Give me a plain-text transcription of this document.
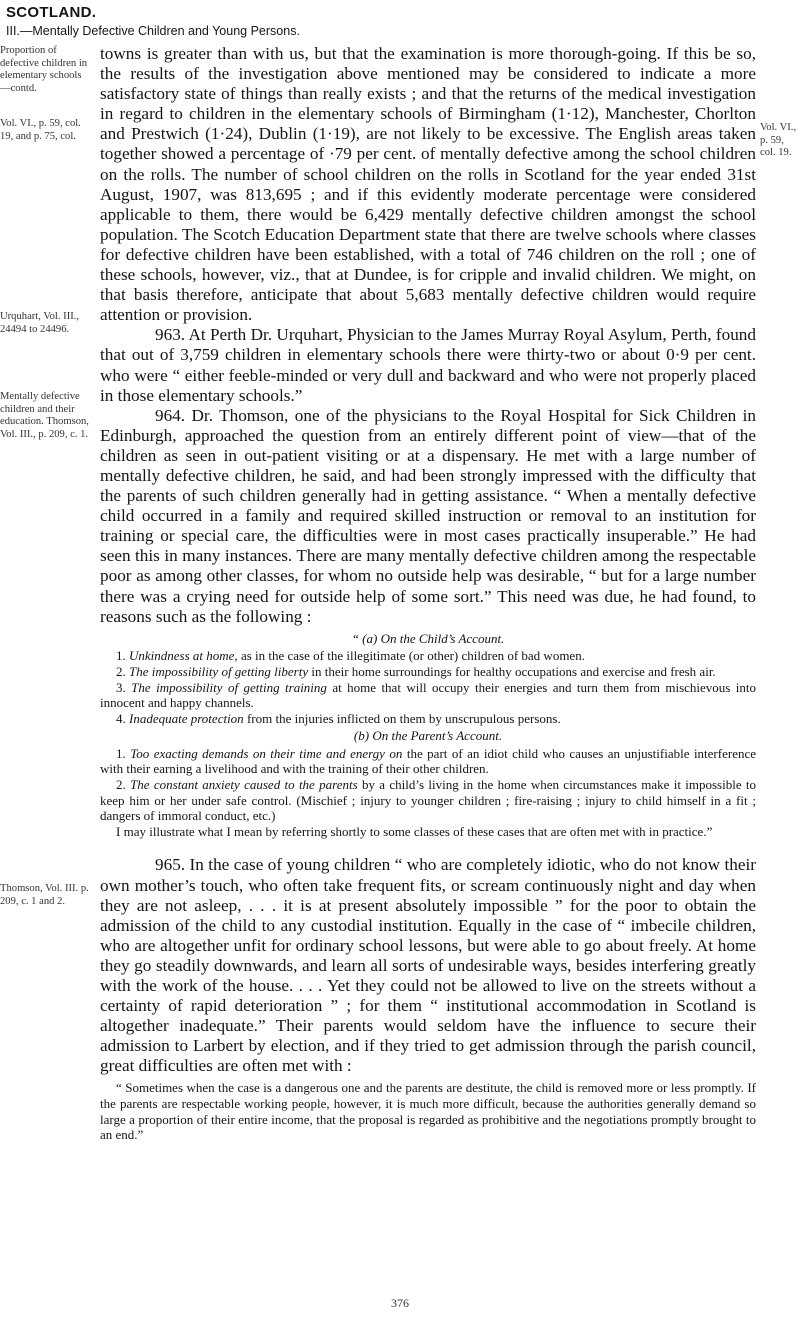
SCOTLAND.
III.—Mentally Defective Children and Young Persons.
Proportion of defective children in elementary schools—contd.
Vol. VI., p. 59, col. 19, and p. 75, col.
Urquhart, Vol. III., 24494 to 24496.
Mentally defective children and their education. Thomson, Vol. III., p. 209, c. 1.
Thomson, Vol. III. p. 209, c. 1 and 2.
Vol. VI., p. 59, col. 19.

towns is greater than with us, but that the examination is more thorough-going. If this be so, the results of the investigation above mentioned may be considered to indicate a more satisfactory state of things than really exists ; and that the returns of the medical investigation in regard to children in the elementary schools of Birmingham (1·12), Manchester, Chorlton and Prestwich (1·24), Dublin (1·19), are not likely to be excessive. The English areas taken together showed a percentage of ·79 per cent. of mentally defective among the school children on the rolls. The number of school children on the rolls in Scotland for the year ended 31st August, 1907, was 813,695 ; and if this evidently moderate percentage were considered applicable to them, there would be 6,429 mentally defective children amongst the school population. The Scotch Education Department state that there are twelve schools where classes for defective children have been established, with a total of 746 children on the roll ; one of these schools, however, viz., that at Dundee, is for cripple and invalid children. We might, on that basis therefore, anticipate that about 5,683 mentally defective children would require attention or provision.

963. At Perth Dr. Urquhart, Physician to the James Murray Royal Asylum, Perth, found that out of 3,759 children in elementary schools there were thirty-two or about 0·9 per cent. who were “ either feeble-minded or very dull and backward and who were not properly placed in those elementary schools.”

964. Dr. Thomson, one of the physicians to the Royal Hospital for Sick Children in Edinburgh, approached the question from an entirely different point of view—that of the children as seen in out-patient visiting or at a dispensary. He met with a large number of mentally defective children, he said, and had been strongly impressed with the difficulty that the parents of such children generally had in getting assistance. “ When a mentally defective child occurred in a family and required skilled instruction or removal to an institution for training or special care, the difficulties were in most cases practically insuperable.” He had seen this in many instances. There are many mentally defective children among the respectable poor as among other classes, for whom no outside help was desirable, “ but for a large number there was a crying need for outside help of some sort.” This need was due, he had found, to reasons such as the following :

“ (a) On the Child’s Account.

1. Unkindness at home, as in the case of the illegitimate (or other) children of bad women.

2. The impossibility of getting liberty in their home surroundings for healthy occupations and exercise and fresh air.

3. The impossibility of getting training at home that will occupy their energies and turn them from mischievous into innocent and happy channels.

4. Inadequate protection from the injuries inflicted on them by unscrupulous persons.

(b) On the Parent’s Account.

1. Too exacting demands on their time and energy on the part of an idiot child who causes an unjustifiable interference with their earning a livelihood and with the training of their other children.

2. The constant anxiety caused to the parents by a child’s living in the home when circumstances make it impossible to keep him or her under safe control. (Mischief ; injury to younger children ; fire-raising ; injury to child himself in a fit ; dangers of immoral conduct, etc.)

I may illustrate what I mean by referring shortly to some classes of these cases that are often met with in practice.”

965. In the case of young children “ who are completely idiotic, who do not know their own mother’s touch, who often take frequent fits, or scream continuously night and day when they are not asleep, . . . it is at present absolutely impossible ” for the poor to obtain the admission of the child to any custodial institution. Equally in the case of “ imbecile children, who are altogether unfit for ordinary school lessons, but were able to go about freely. At home they go steadily downwards, and learn all sorts of undesirable ways, besides interfering greatly with the work of the house. . . . Yet they could not be allowed to live on the streets without a certainty of rapid deterioration ” ; for them “ institutional accommodation in Scotland is altogether inadequate.” Their parents would seldom have the influence to secure their admission to Larbert by election, and if they tried to get admission through the parish council, great difficulties are often met with :

“ Sometimes when the case is a dangerous one and the parents are destitute, the child is removed more or less promptly. If the parents are respectable working people, however, it is much more difficult, because the authorities generally demand so large a proportion of their entire income, that the proposal is regarded as prohibitive and the negotiations promptly brought to an end.”

376
